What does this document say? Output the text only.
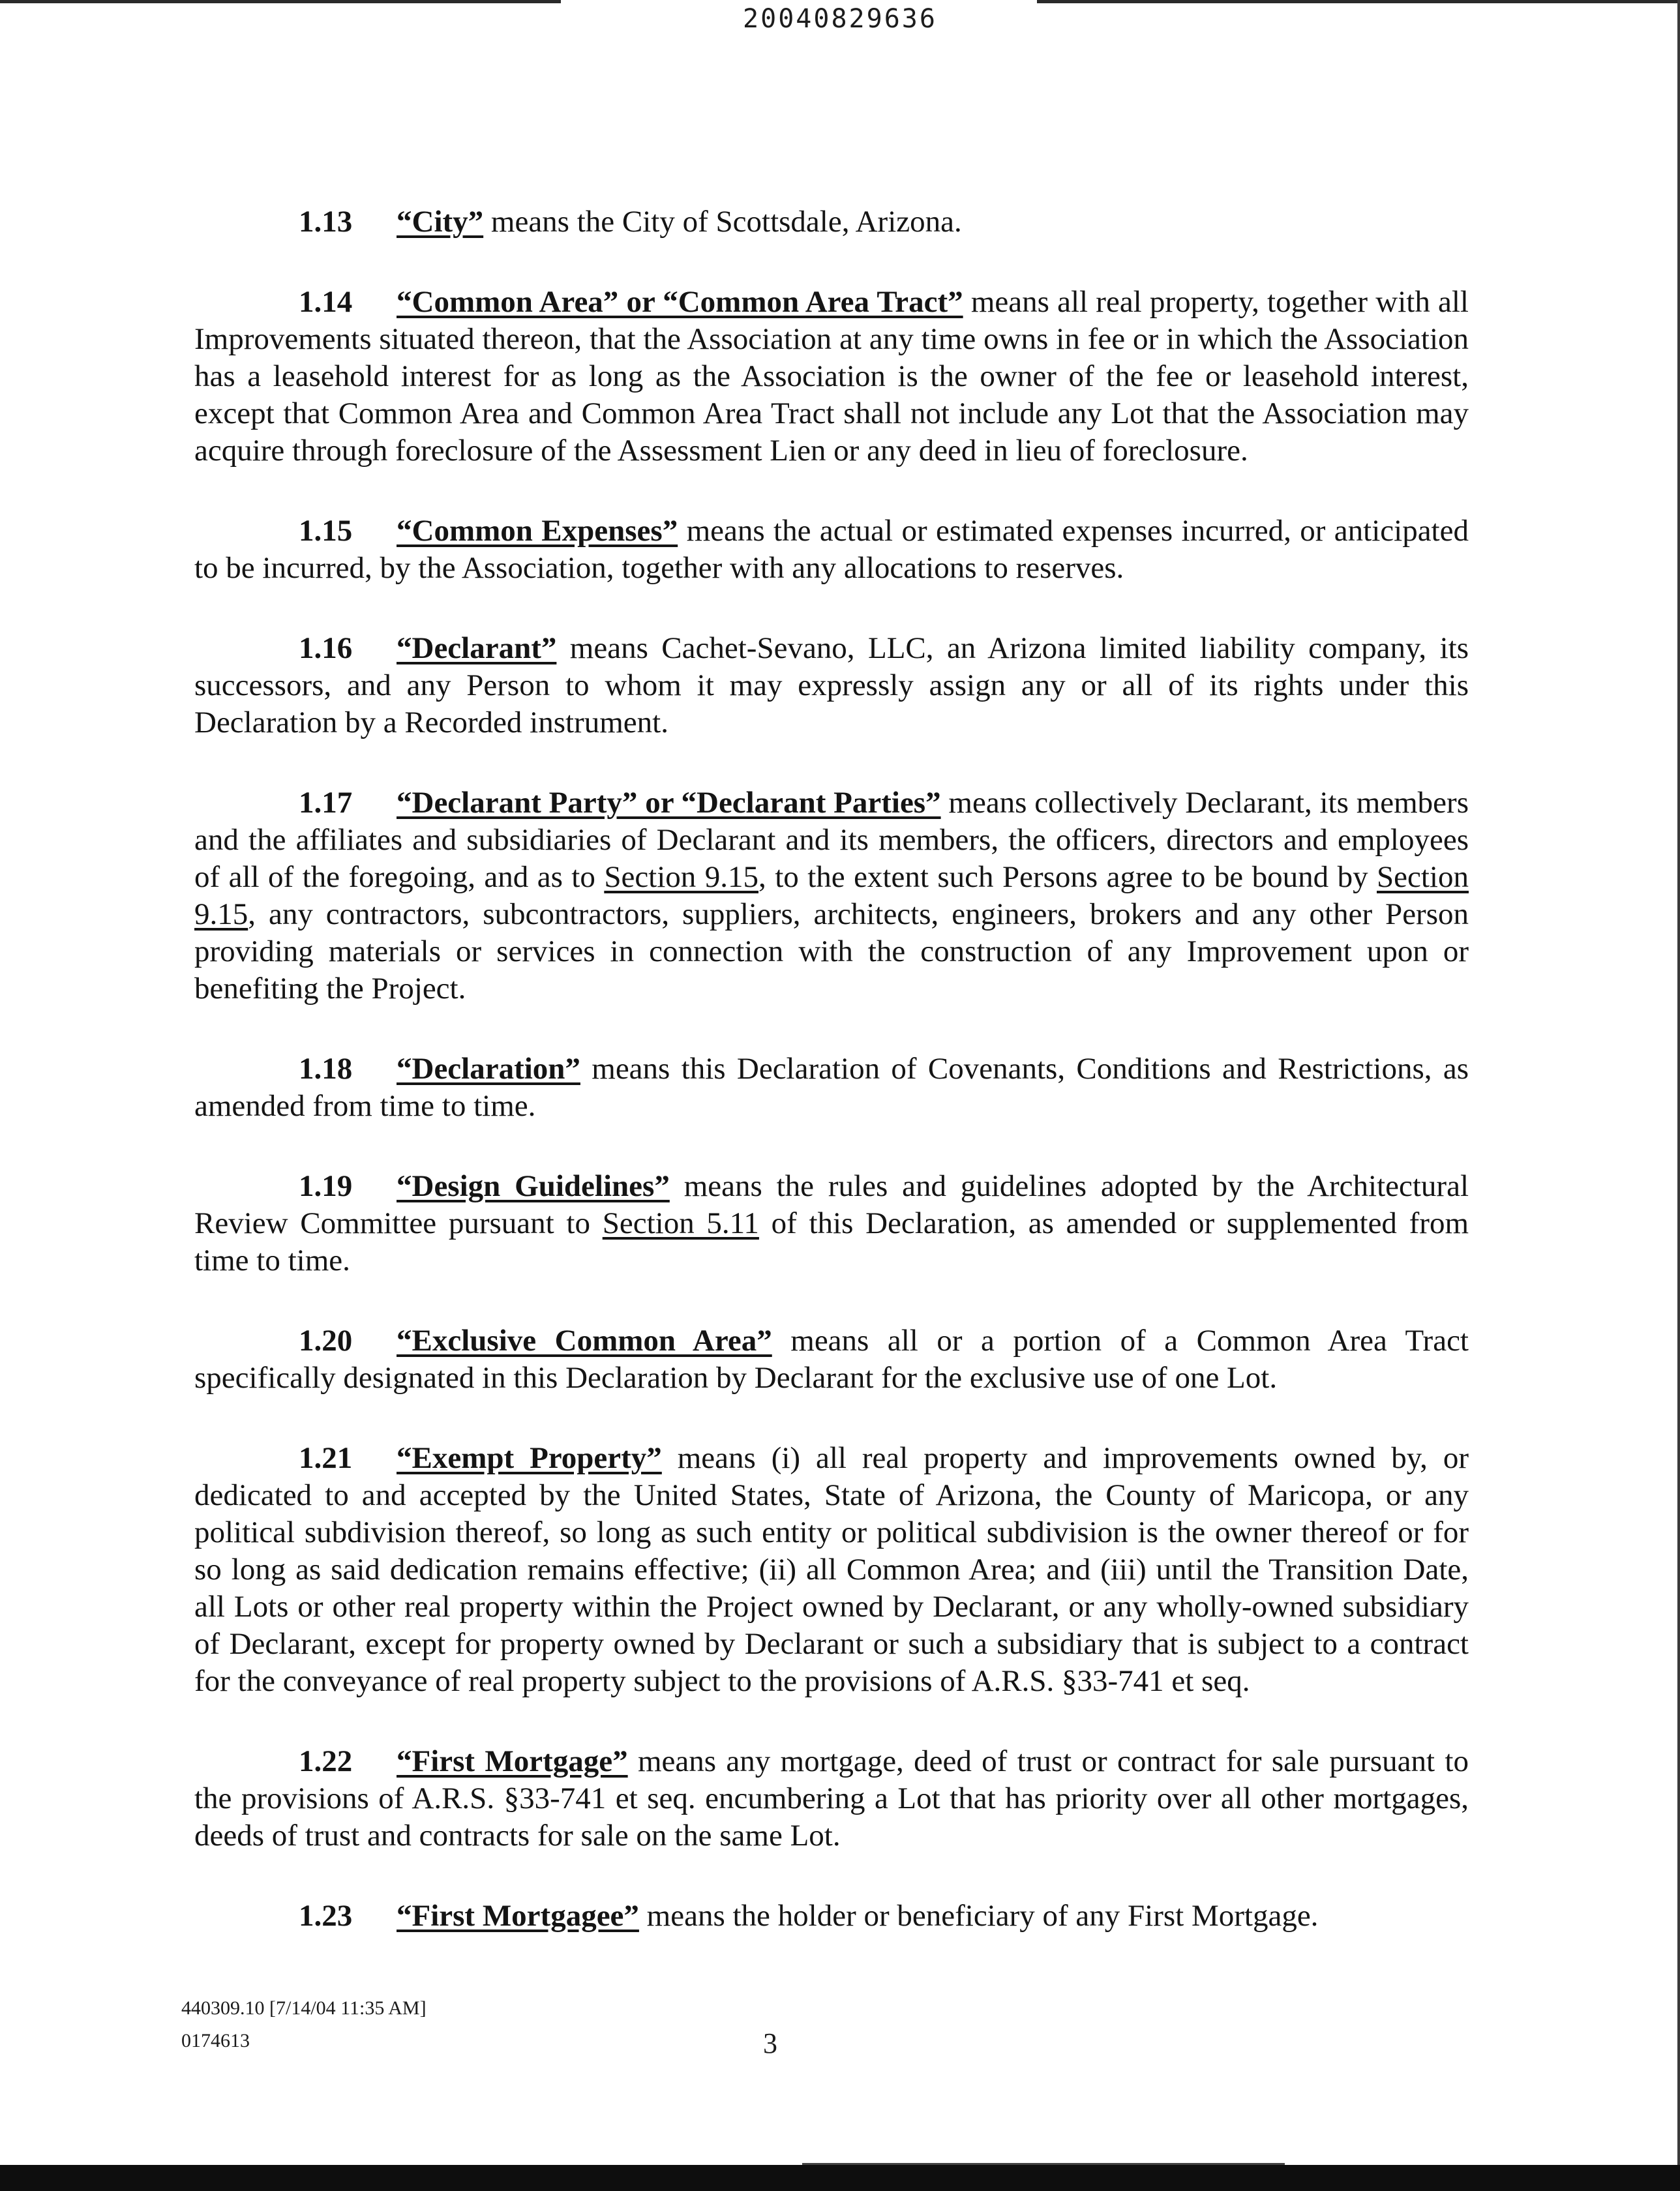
20040829636

1.13 “City” means the City of Scottsdale, Arizona.

1.14 “Common Area” or “Common Area Tract” means all real property, together with all Improvements situated thereon, that the Association at any time owns in fee or in which the Association has a leasehold interest for as long as the Association is the owner of the fee or leasehold interest, except that Common Area and Common Area Tract shall not include any Lot that the Association may acquire through foreclosure of the Assessment Lien or any deed in lieu of foreclosure.

1.15 “Common Expenses” means the actual or estimated expenses incurred, or anticipated to be incurred, by the Association, together with any allocations to reserves.

1.16 “Declarant” means Cachet-Sevano, LLC, an Arizona limited liability company, its successors, and any Person to whom it may expressly assign any or all of its rights under this Declaration by a Recorded instrument.

1.17 “Declarant Party” or “Declarant Parties” means collectively Declarant, its members and the affiliates and subsidiaries of Declarant and its members, the officers, directors and employees of all of the foregoing, and as to Section 9.15, to the extent such Persons agree to be bound by Section 9.15, any contractors, subcontractors, suppliers, architects, engineers, brokers and any other Person providing materials or services in connection with the construction of any Improvement upon or benefiting the Project.

1.18 “Declaration” means this Declaration of Covenants, Conditions and Restrictions, as amended from time to time.

1.19 “Design Guidelines” means the rules and guidelines adopted by the Architectural Review Committee pursuant to Section 5.11 of this Declaration, as amended or supplemented from time to time.

1.20 “Exclusive Common Area” means all or a portion of a Common Area Tract specifically designated in this Declaration by Declarant for the exclusive use of one Lot.

1.21 “Exempt Property” means (i) all real property and improvements owned by, or dedicated to and accepted by the United States, State of Arizona, the County of Maricopa, or any political subdivision thereof, so long as such entity or political subdivision is the owner thereof or for so long as said dedication remains effective; (ii) all Common Area; and (iii) until the Transition Date, all Lots or other real property within the Project owned by Declarant, or any wholly-owned subsidiary of Declarant, except for property owned by Declarant or such a subsidiary that is subject to a contract for the conveyance of real property subject to the provisions of A.R.S. §33-741 et seq.

1.22 “First Mortgage” means any mortgage, deed of trust or contract for sale pursuant to the provisions of A.R.S. §33-741 et seq. encumbering a Lot that has priority over all other mortgages, deeds of trust and contracts for sale on the same Lot.

1.23 “First Mortgagee” means the holder or beneficiary of any First Mortgage.

440309.10 [7/14/04 11:35 AM]
0174613	3
